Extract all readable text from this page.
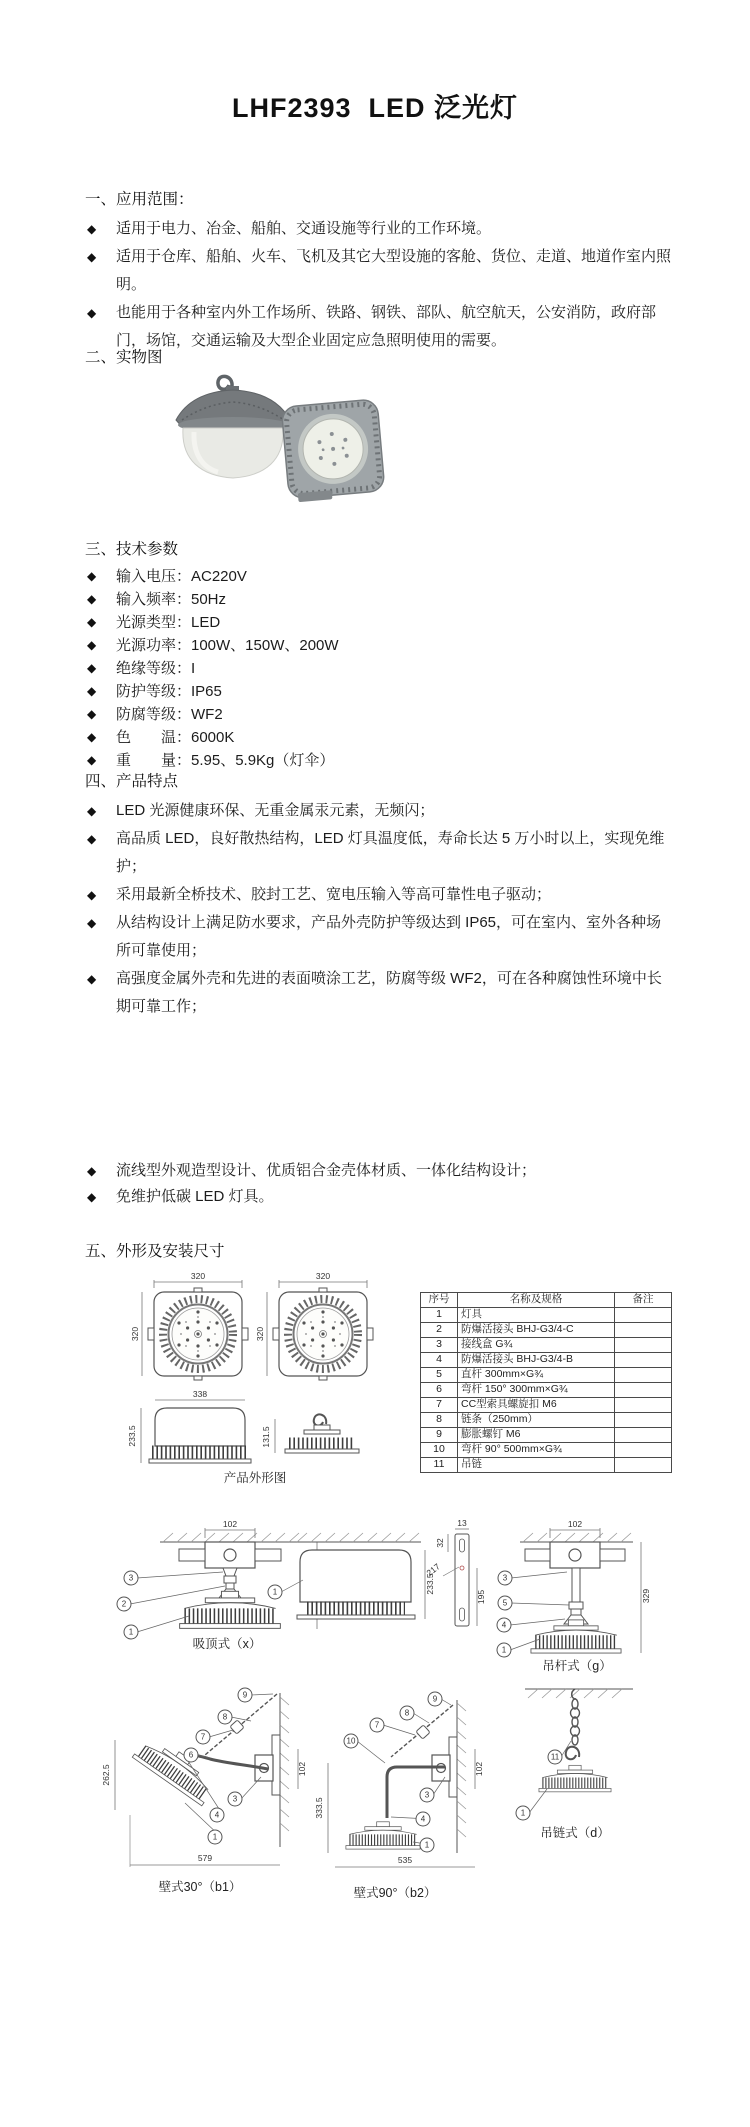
LHF2393  LED 泛光灯
一、应用范围：
◆ 适用于电力、冶金、船舶、交通设施等行业的工作环境。
◆ 适用于仓库、船舶、火车、飞机及其它大型设施的客舱、货位、走道、地道作室内照明。
◆ 也能用于各种室内外工作场所、铁路、钢铁、部队、航空航天，公安消防，政府部门，场馆，交通运输及大型企业固定应急照明使用的需要。
二、实物图
三、技术参数
◆ 输入电压：AC220V
◆ 输入频率：50Hz
◆ 光源类型：LED
◆ 光源功率：100W、150W、200W
◆ 绝缘等级：I
◆ 防护等级：IP65
◆ 防腐等级：WF2
◆ 色　　温：6000K
◆ 重　　量：5.95、5.9Kg（灯伞）
四、产品特点
◆ LED 光源健康环保、无重金属汞元素，无频闪；
◆ 高品质 LED，良好散热结构，LED 灯具温度低，寿命长达 5 万小时以上，实现免维护；
◆ 采用最新全桥技术、胶封工艺、宽电压输入等高可靠性电子驱动；
◆ 从结构设计上满足防水要求，产品外壳防护等级达到 IP65，可在室内、室外各种场所可靠使用；
◆ 高强度金属外壳和先进的表面喷涂工艺，防腐等级 WF2，可在各种腐蚀性环境中长期可靠工作；
◆ 流线型外观造型设计、优质铝合金壳体材质、一体化结构设计；
◆ 免维护低碳 LED 灯具。
五、外形及安装尺寸
320
320
320
320
338
233.5	131.5
产品外形图
序号	名称及规格	备注
1	灯具	
2	防爆活接头 BHJ-G3/4-C	
3	接线盒 G¾	
4	防爆活接头 BHJ-G3/4-B	
5	直杆 300mm×G¾	
6	弯杆 150° 300mm×G¾	
7	CC型索具螺旋扣 M6	
8	链条（250mm）	
9	膨胀螺钉 M6	
10	弯杆 90° 500mm×G¾	
11	吊链	
102
3
2
1
吸顶式（x）
233.5
1
13
32
217
195
102
329
3
5
4
1
吊杆式（g）
102
262.5
579
9
8
7
6
3
4
1
壁式30°（b1）
102
333.5
535
9
8
7
10
3
4
1
壁式90°（b2）
11
1
吊链式（d）
